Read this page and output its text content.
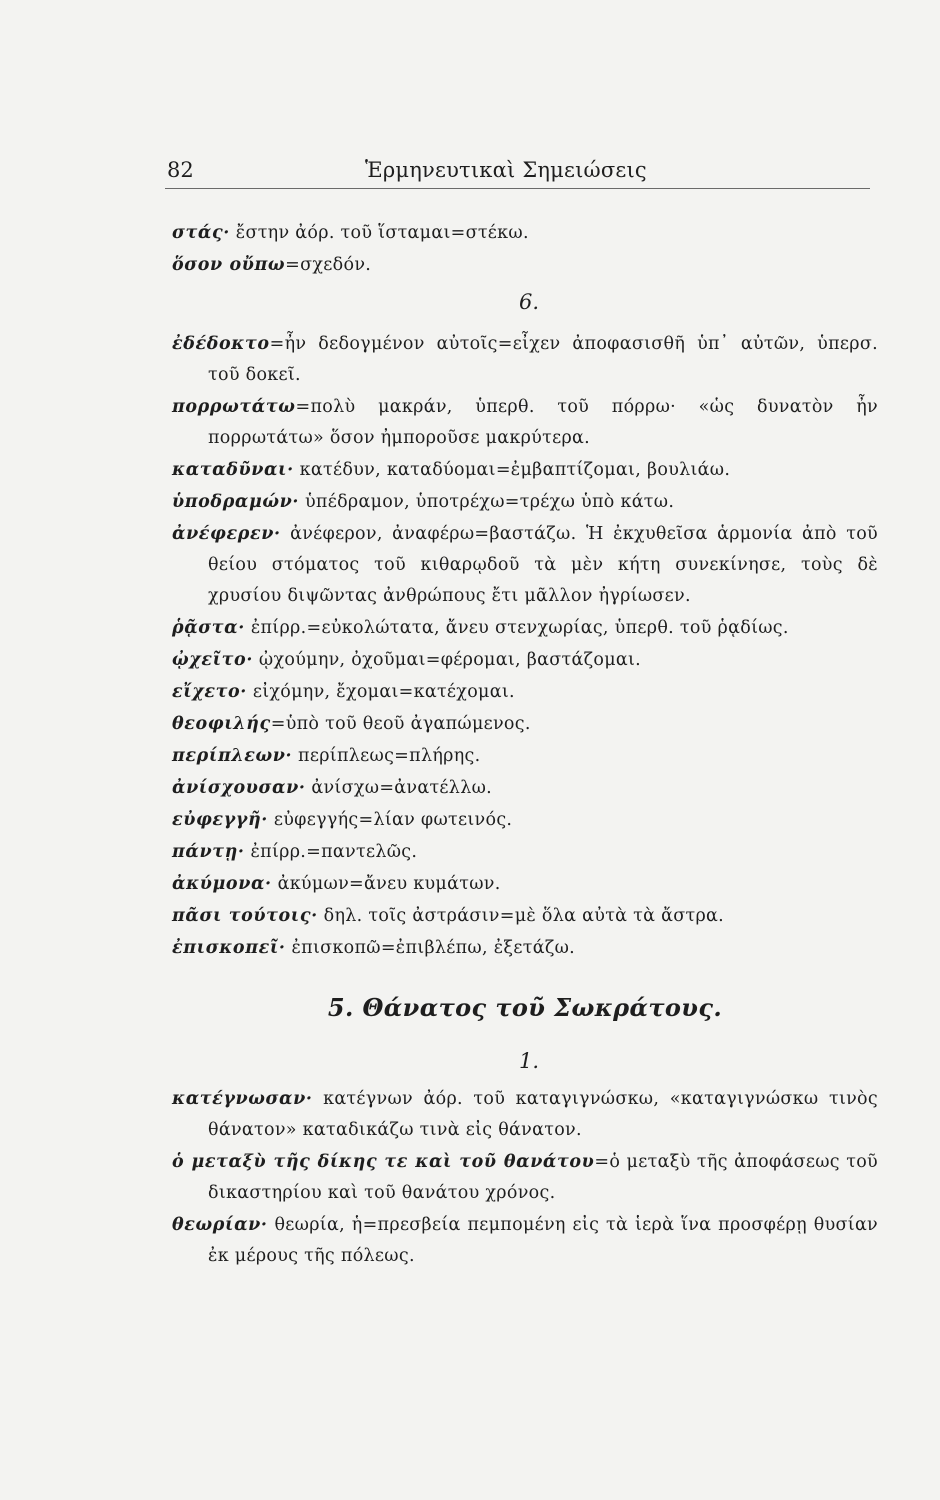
82	Ἑρμηνευτικαὶ Σημειώσεις

στάς· ἔστην ἀόρ. τοῦ ἵσταμαι=στέκω.

ὅσον οὔπω=σχεδόν.

6.

ἐδέδοκτο=ἦν δεδογμένον αὐτοῖς=εἶχεν ἀποφασισθῆ ὑπ᾽ αὐτῶν, ὑπερσ. τοῦ δοκεῖ.

πορρωτάτω=πολὺ μακράν, ὑπερθ. τοῦ πόρρω· «ὡς δυνατὸν ἦν πορρωτάτω» ὅσον ἠμποροῦσε μακρύτερα.

καταδῦναι· κατέδυν, καταδύομαι=ἐμβαπτίζομαι, βουλιάω.

ὑποδραμών· ὑπέδραμον, ὑποτρέχω=τρέχω ὑπὸ κάτω.

ἀνέφερεν· ἀνέφερον, ἀναφέρω=βαστάζω. Ἡ ἐκχυθεῖσα ἁρμονία ἀπὸ τοῦ θείου στόματος τοῦ κιθαρῳδοῦ τὰ μὲν κήτη συνεκίνησε, τοὺς δὲ χρυσίου διψῶντας ἀνθρώπους ἔτι μᾶλλον ἠγρίωσεν.

ῥᾷστα· ἐπίρρ.=εὐκολώτατα, ἄνευ στενχωρίας, ὑπερθ. τοῦ ῥᾳδίως.

ᾠχεῖτο· ᾠχούμην, ὀχοῦμαι=φέρομαι, βαστάζομαι.

εἴχετο· εἰχόμην, ἔχομαι=κατέχομαι.

θεοφιλής=ὑπὸ τοῦ θεοῦ ἀγαπώμενος.

περίπλεων· περίπλεως=πλήρης.

ἀνίσχουσαν· ἀνίσχω=ἀνατέλλω.

εὐφεγγῆ· εὐφεγγής=λίαν φωτεινός.

πάντῃ· ἐπίρρ.=παντελῶς.

ἀκύμονα· ἀκύμων=ἄνευ κυμάτων.

πᾶσι τούτοις· δηλ. τοῖς ἀστράσιν=μὲ ὅλα αὐτὰ τὰ ἄστρα.

ἐπισκοπεῖ· ἐπισκοπῶ=ἐπιβλέπω, ἐξετάζω.

5. Θάνατος τοῦ Σωκράτους.

1.

κατέγνωσαν· κατέγνων ἀόρ. τοῦ καταγιγνώσκω, «καταγιγνώσκω τινὸς θάνατον» καταδικάζω τινὰ εἰς θάνατον.

ὁ μεταξὺ τῆς δίκης τε καὶ τοῦ θανάτου=ὁ μεταξὺ τῆς ἀποφάσεως τοῦ δικαστηρίου καὶ τοῦ θανάτου χρόνος.

θεωρίαν· θεωρία, ἡ=πρεσβεία πεμπομένη εἰς τὰ ἱερὰ ἵνα προσφέρῃ θυσίαν ἐκ μέρους τῆς πόλεως.
